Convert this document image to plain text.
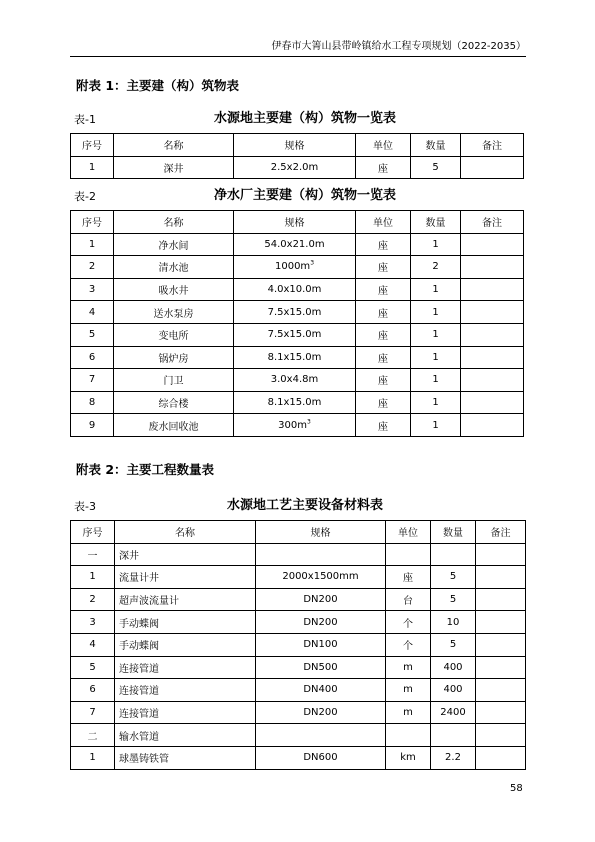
伊春市大箐山县带岭镇给水工程专项规划（2022-2035）
附表 1：主要建（构）筑物表
表-1	水源地主要建（构）筑物一览表
序号	名称	规格	单位	数量	备注
1	深井	2.5x2.0m	座	5	
表-2	净水厂主要建（构）筑物一览表
序号	名称	规格	单位	数量	备注
1	净水间	54.0x21.0m	座	1	
2	清水池	$1000m^3$	座	2	
3	吸水井	4.0x10.0m	座	1	
4	送水泵房	7.5x15.0m	座	1	
5	变电所	7.5x15.0m	座	1	
6	锅炉房	8.1x15.0m	座	1	
7	门卫	3.0x4.8m	座	1	
8	综合楼	8.1x15.0m	座	1	
9	废水回收池	$300m^3$	座	1	
附表 2：主要工程数量表
表-3	水源地工艺主要设备材料表
序号	名称	规格	单位	数量	备注
一	深井				
1	流量计井	2000x1500mm	座	5	
2	超声波流量计	DN200	台	5	
3	手动蝶阀	DN200	个	10	
4	手动蝶阀	DN100	个	5	
5	连接管道	DN500	m	400	
6	连接管道	DN400	m	400	
7	连接管道	DN200	m	2400	
二	输水管道				
1	球墨铸铁管	DN600	km	2.2	
58
